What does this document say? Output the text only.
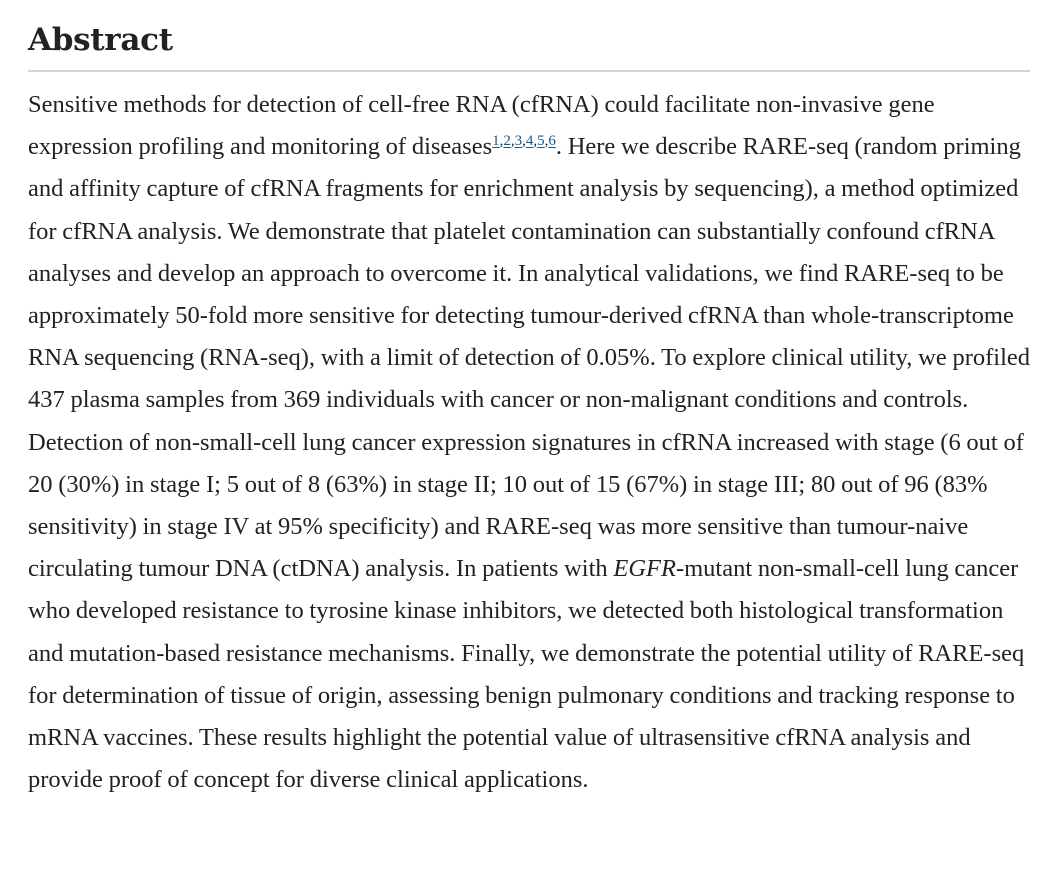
Abstract

Sensitive methods for detection of cell-free RNA (cfRNA) could facilitate non-invasive gene expression profiling and monitoring of diseases$^{1,2,3,4,5,6}$. Here we describe RARE-seq (random priming and affinity capture of cfRNA fragments for enrichment analysis by sequencing), a method optimized for cfRNA analysis. We demonstrate that platelet contamination can substantially confound cfRNA analyses and develop an approach to overcome it. In analytical validations, we find RARE-seq to be approximately 50-fold more sensitive for detecting tumour-derived cfRNA than whole-transcriptome RNA sequencing (RNA-seq), with a limit of detection of 0.05%. To explore clinical utility, we profiled 437 plasma samples from 369 individuals with cancer or non-malignant conditions and controls. Detection of non-small-cell lung cancer expression signatures in cfRNA increased with stage (6 out of 20 (30%) in stage I; 5 out of 8 (63%) in stage II; 10 out of 15 (67%) in stage III; 80 out of 96 (83% sensitivity) in stage IV at 95% specificity) and RARE-seq was more sensitive than tumour-naive circulating tumour DNA (ctDNA) analysis. In patients with EGFR-mutant non-small-cell lung cancer who developed resistance to tyrosine kinase inhibitors, we detected both histological transformation and mutation-based resistance mechanisms. Finally, we demonstrate the potential utility of RARE-seq for determination of tissue of origin, assessing benign pulmonary conditions and tracking response to mRNA vaccines. These results highlight the potential value of ultrasensitive cfRNA analysis and provide proof of concept for diverse clinical applications.
